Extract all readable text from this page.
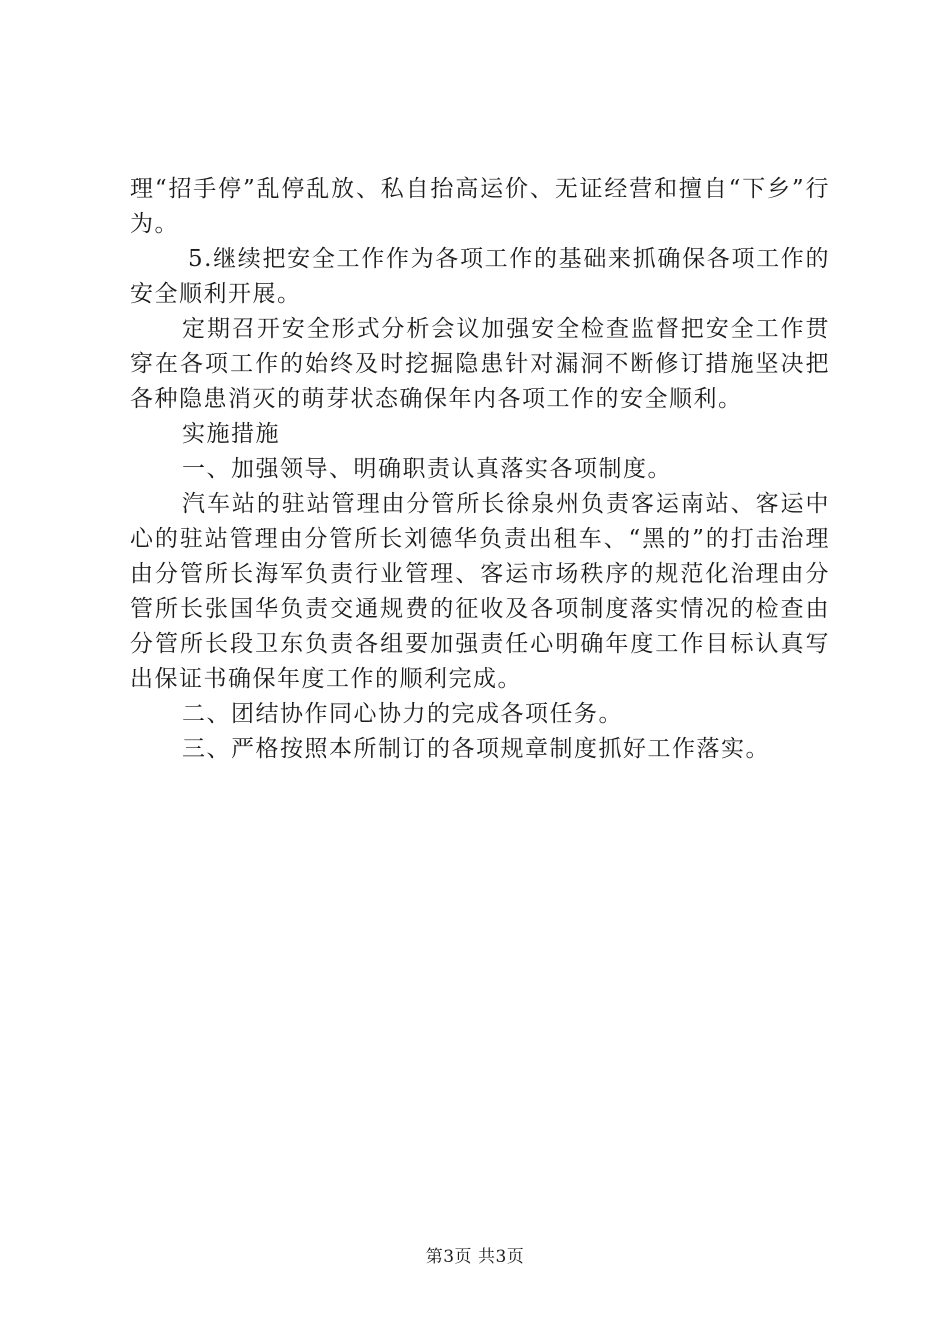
理“招手停”乱停乱放、私自抬高运价、无证经营和擅自“下乡”行为。

5.继续把安全工作作为各项工作的基础来抓确保各项工作的安全顺利开展。

定期召开安全形式分析会议加强安全检查监督把安全工作贯穿在各项工作的始终及时挖掘隐患针对漏洞不断修订措施坚决把各种隐患消灭的萌芽状态确保年内各项工作的安全顺利。

实施措施

一、加强领导、明确职责认真落实各项制度。

汽车站的驻站管理由分管所长徐泉州负责客运南站、客运中心的驻站管理由分管所长刘德华负责出租车、“黑的”的打击治理由分管所长海军负责行业管理、客运市场秩序的规范化治理由分管所长张国华负责交通规费的征收及各项制度落实情况的检查由分管所长段卫东负责各组要加强责任心明确年度工作目标认真写出保证书确保年度工作的顺利完成。

二、团结协作同心协力的完成各项任务。

三、严格按照本所制订的各项规章制度抓好工作落实。

第3页 共3页
